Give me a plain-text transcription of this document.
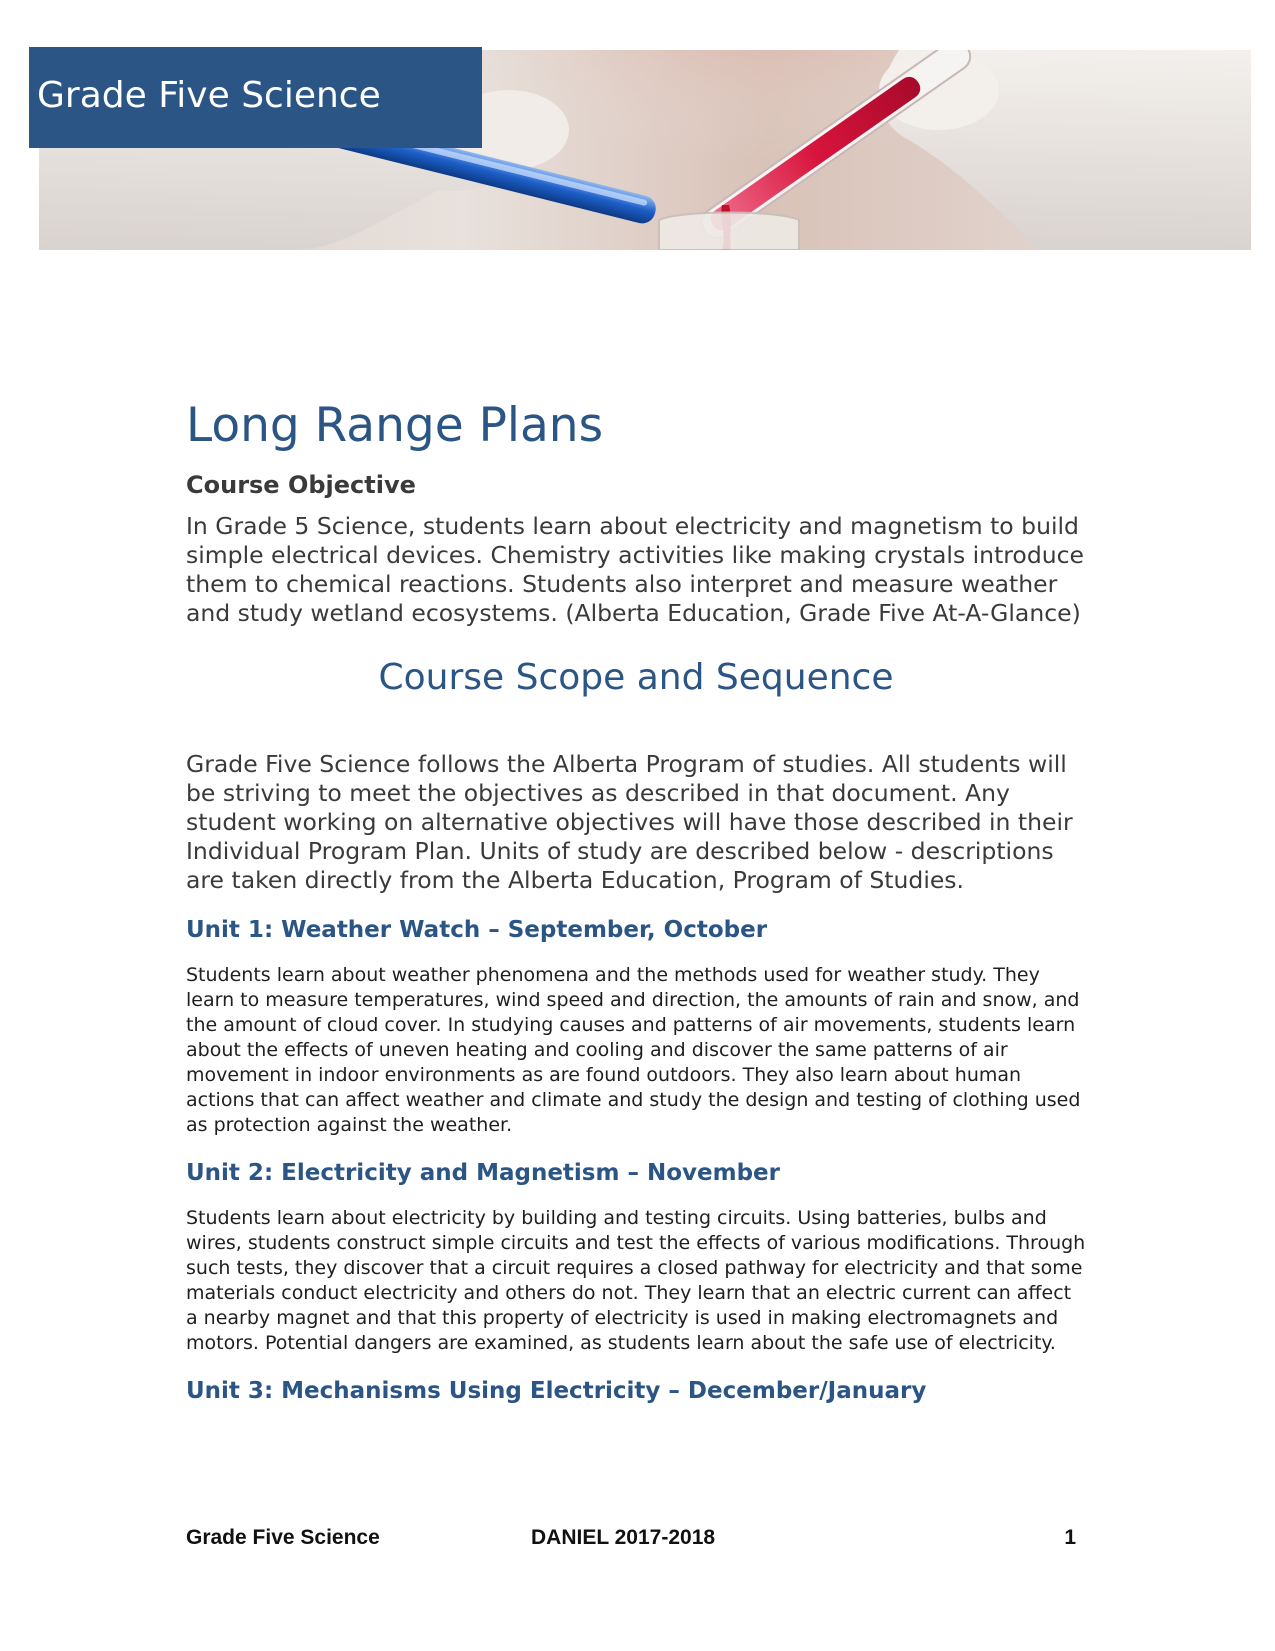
Grade Five Science
Long Range Plans
Course Objective

In Grade 5 Science, students learn about electricity and magnetism to build simple electrical devices. Chemistry activities like making crystals introduce them to chemical reactions. Students also interpret and measure weather and study wetland ecosystems. (Alberta Education, Grade Five At-A-Glance)

Course Scope and Sequence

Grade Five Science follows the Alberta Program of studies. All students will be striving to meet the objectives as described in that document. Any student working on alternative objectives will have those described in their Individual Program Plan. Units of study are described below - descriptions are taken directly from the Alberta Education, Program of Studies.

Unit 1: Weather Watch – September, October

Students learn about weather phenomena and the methods used for weather study. They learn to measure temperatures, wind speed and direction, the amounts of rain and snow, and the amount of cloud cover. In studying causes and patterns of air movements, students learn about the effects of uneven heating and cooling and discover the same patterns of air movement in indoor environments as are found outdoors. They also learn about human actions that can affect weather and climate and study the design and testing of clothing used as protection against the weather.

Unit 2: Electricity and Magnetism – November

Students learn about electricity by building and testing circuits. Using batteries, bulbs and wires, students construct simple circuits and test the effects of various modifications. Through such tests, they discover that a circuit requires a closed pathway for electricity and that some materials conduct electricity and others do not. They learn that an electric current can affect a nearby magnet and that this property of electricity is used in making electromagnets and motors. Potential dangers are examined, as students learn about the safe use of electricity.

Unit 3: Mechanisms Using Electricity – December/January
Grade Five Science	DANIEL 2017-2018	1
